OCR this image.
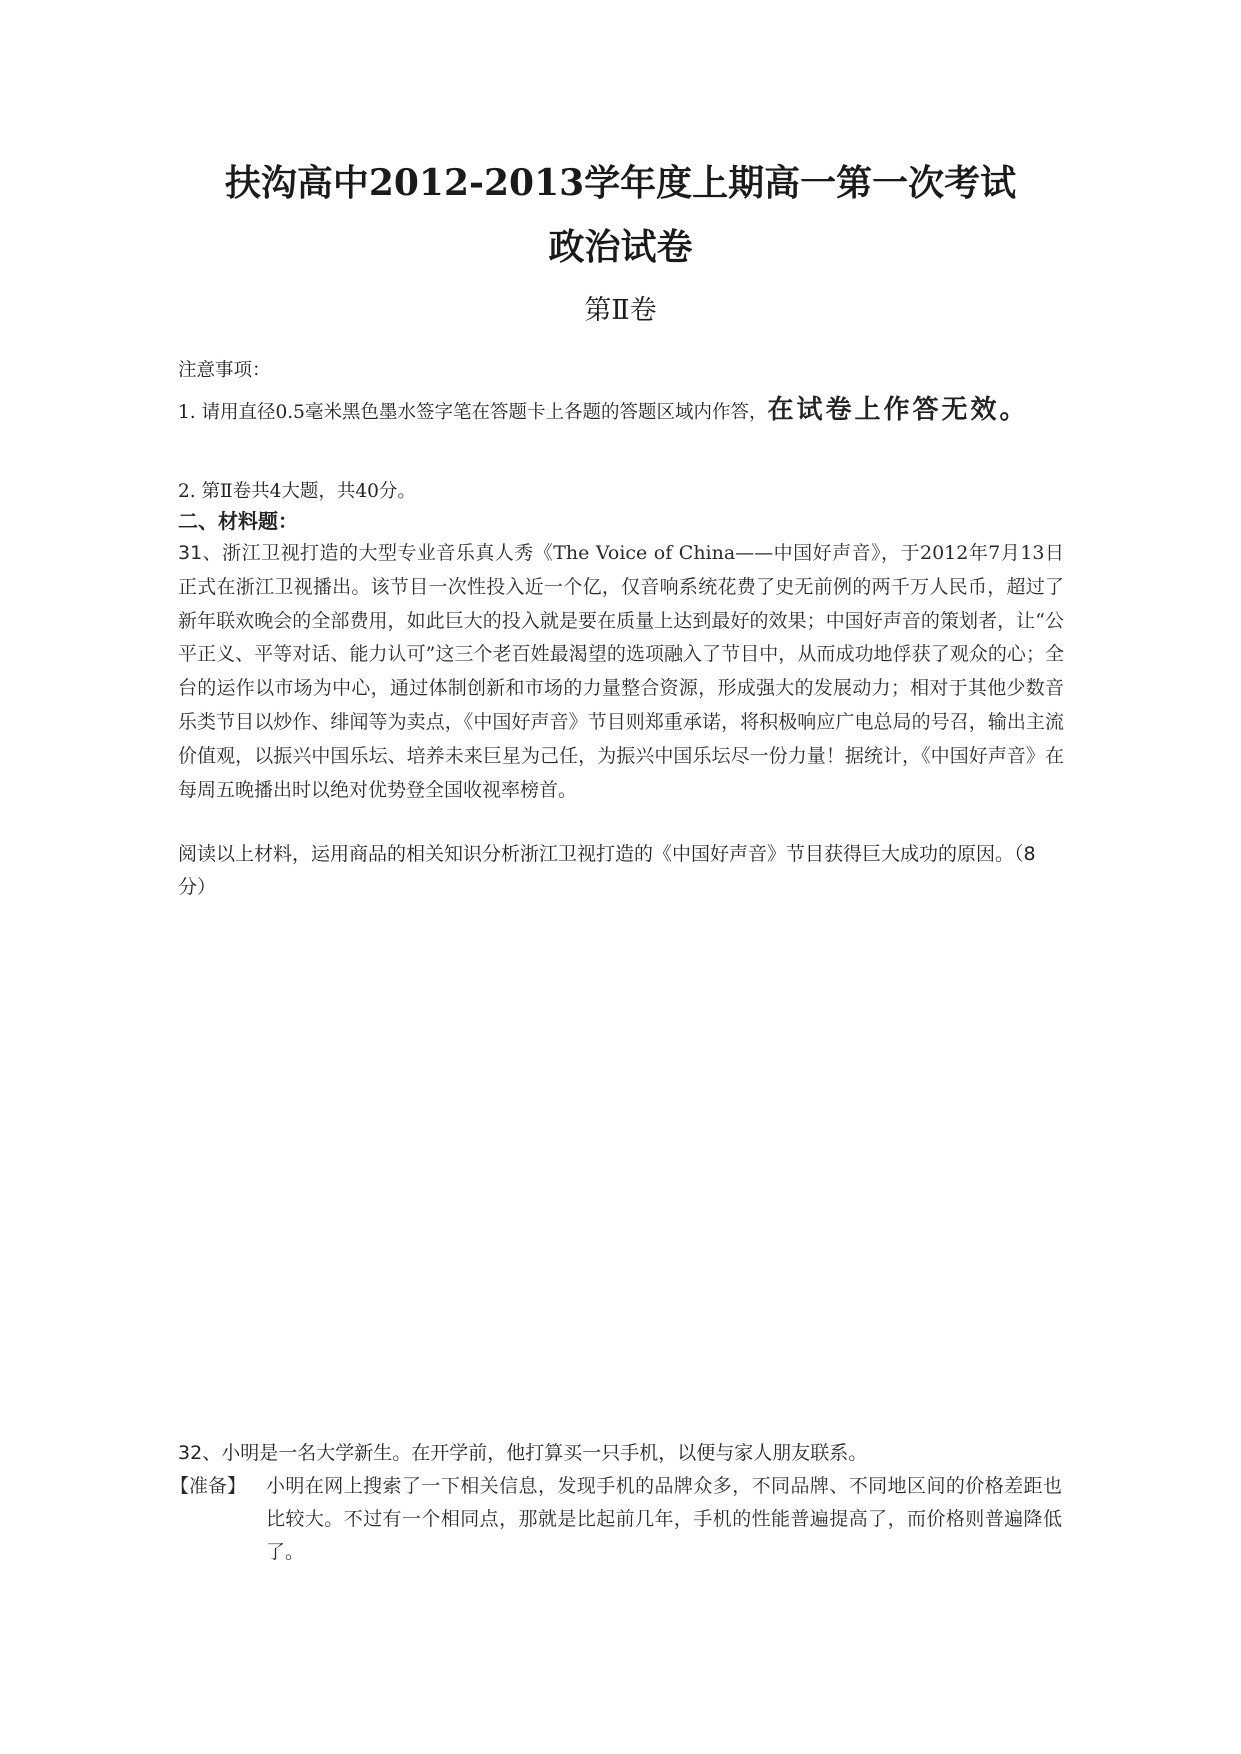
扶沟高中2012-2013学年度上期高一第一次考试
政治试卷
第Ⅱ卷
注意事项：
1. 请用直径0.5毫米黑色墨水签字笔在答题卡上各题的答题区域内作答，在试卷上作答无效。
2. 第Ⅱ卷共4大题，共40分。
二、材料题：
31、浙江卫视打造的大型专业音乐真人秀《The Voice of China——中国好声音》，于2012年7月13日正式在浙江卫视播出。该节目一次性投入近一个亿，仅音响系统花费了史无前例的两千万人民币，超过了新年联欢晚会的全部费用，如此巨大的投入就是要在质量上达到最好的效果；中国好声音的策划者，让“公平正义、平等对话、能力认可”这三个老百姓最渴望的选项融入了节目中，从而成功地俘获了观众的心；全台的运作以市场为中心，通过体制创新和市场的力量整合资源，形成强大的发展动力；相对于其他少数音乐类节目以炒作、绯闻等为卖点，《中国好声音》节目则郑重承诺，将积极响应广电总局的号召，输出主流价值观，以振兴中国乐坛、培养未来巨星为己任，为振兴中国乐坛尽一份力量！据统计，《中国好声音》在每周五晚播出时以绝对优势登全国收视率榜首。
阅读以上材料，运用商品的相关知识分析浙江卫视打造的《中国好声音》节目获得巨大成功的原因。（8分）
32、小明是一名大学新生。在开学前，他打算买一只手机，以便与家人朋友联系。
【准备】 小明在网上搜索了一下相关信息，发现手机的品牌众多，不同品牌、不同地区间的价格差距也比较大。不过有一个相同点，那就是比起前几年，手机的性能普遍提高了，而价格则普遍降低了。
